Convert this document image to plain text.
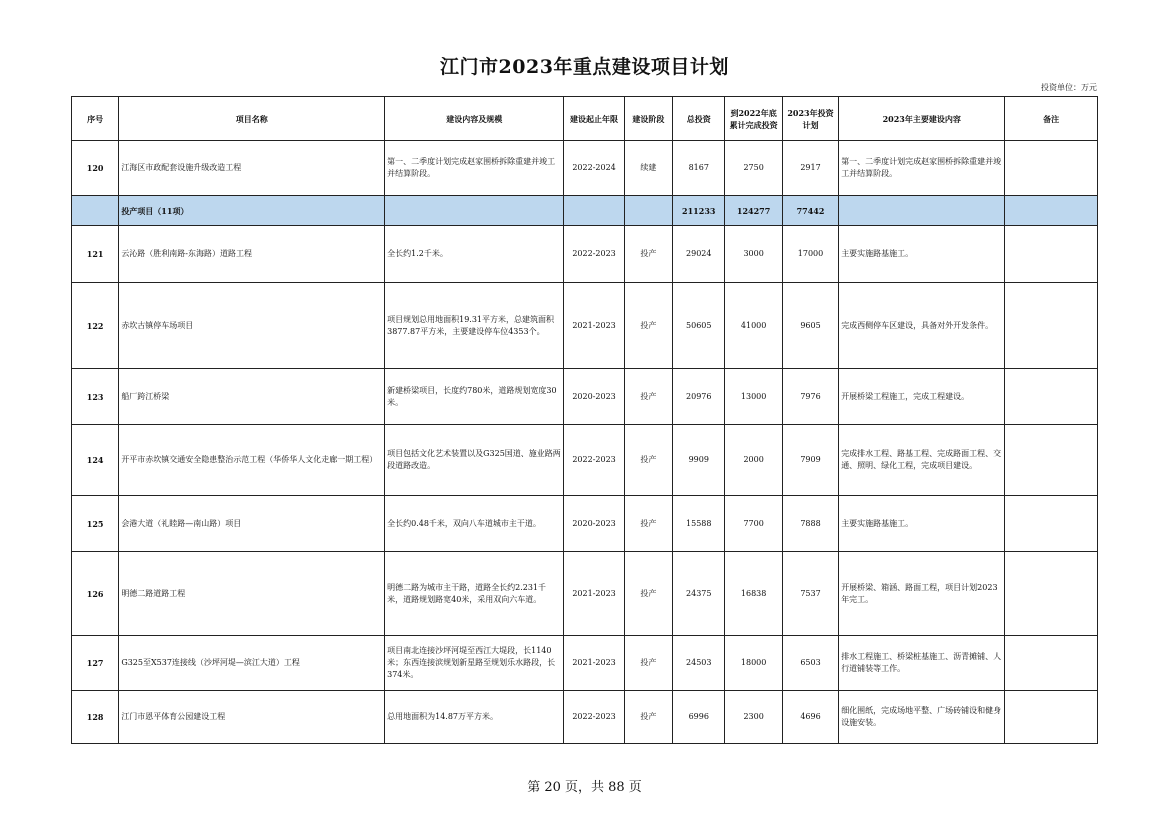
江门市2023年重点建设项目计划
投资单位：万元
序号	项目名称	建设内容及规模	建设起止年限	建设阶段	总投资	到2022年底累计完成投资	2023年投资计划	2023年主要建设内容	备注
120	江海区市政配套设施升级改造工程	第一、二季度计划完成赵家围桥拆除重建并竣工并结算阶段。	2022-2024	续建	8167	2750	2917	第一、二季度计划完成赵家围桥拆除重建并竣工并结算阶段。	
	投产项目（11项）				211233	124277	77442		
121	云沁路（胜利南路-东海路）道路工程	全长约1.2千米。	2022-2023	投产	29024	3000	17000	主要实施路基施工。	
122	赤坎古镇停车场项目	项目规划总用地面积19.31平方米，总建筑面积3877.87平方米，主要建设停车位4353个。	2021-2023	投产	50605	41000	9605	完成西侧停车区建设，具备对外开发条件。	
123	船厂跨江桥梁	新建桥梁项目，长度约780米，道路规划宽度30米。	2020-2023	投产	20976	13000	7976	开展桥梁工程施工，完成工程建设。	
124	开平市赤坎镇交通安全隐患整治示范工程（华侨华人文化走廊一期工程）	项目包括文化艺术装置以及G325国道、施业路两段道路改造。	2022-2023	投产	9909	2000	7909	完成排水工程、路基工程、完成路面工程、交通、照明、绿化工程，完成项目建设。	
125	会港大道（礼睦路—南山路）项目	全长约0.48千米，双向八车道城市主干道。	2020-2023	投产	15588	7700	7888	主要实施路基施工。	
126	明德二路道路工程	明德二路为城市主干路，道路全长约2.231千米，道路规划路宽40米，采用双向六车道。	2021-2023	投产	24375	16838	7537	开展桥梁、箱涵、路面工程，项目计划2023年完工。	
127	G325至X537连接线（沙坪河堤—滨江大道）工程	项目南北连接沙坪河堤至西江大堤段，长1140米；东西连接滨规划新星路至规划乐水路段，长374米。	2021-2023	投产	24503	18000	6503	排水工程施工、桥梁桩基施工、沥青摊铺、人行道铺装等工作。	
128	江门市恩平体育公园建设工程	总用地面积为14.87万平方米。	2022-2023	投产	6996	2300	4696	细化围纸，完成场地平整、广场砖铺设和健身设施安装。	
第 20 页，共 88 页
